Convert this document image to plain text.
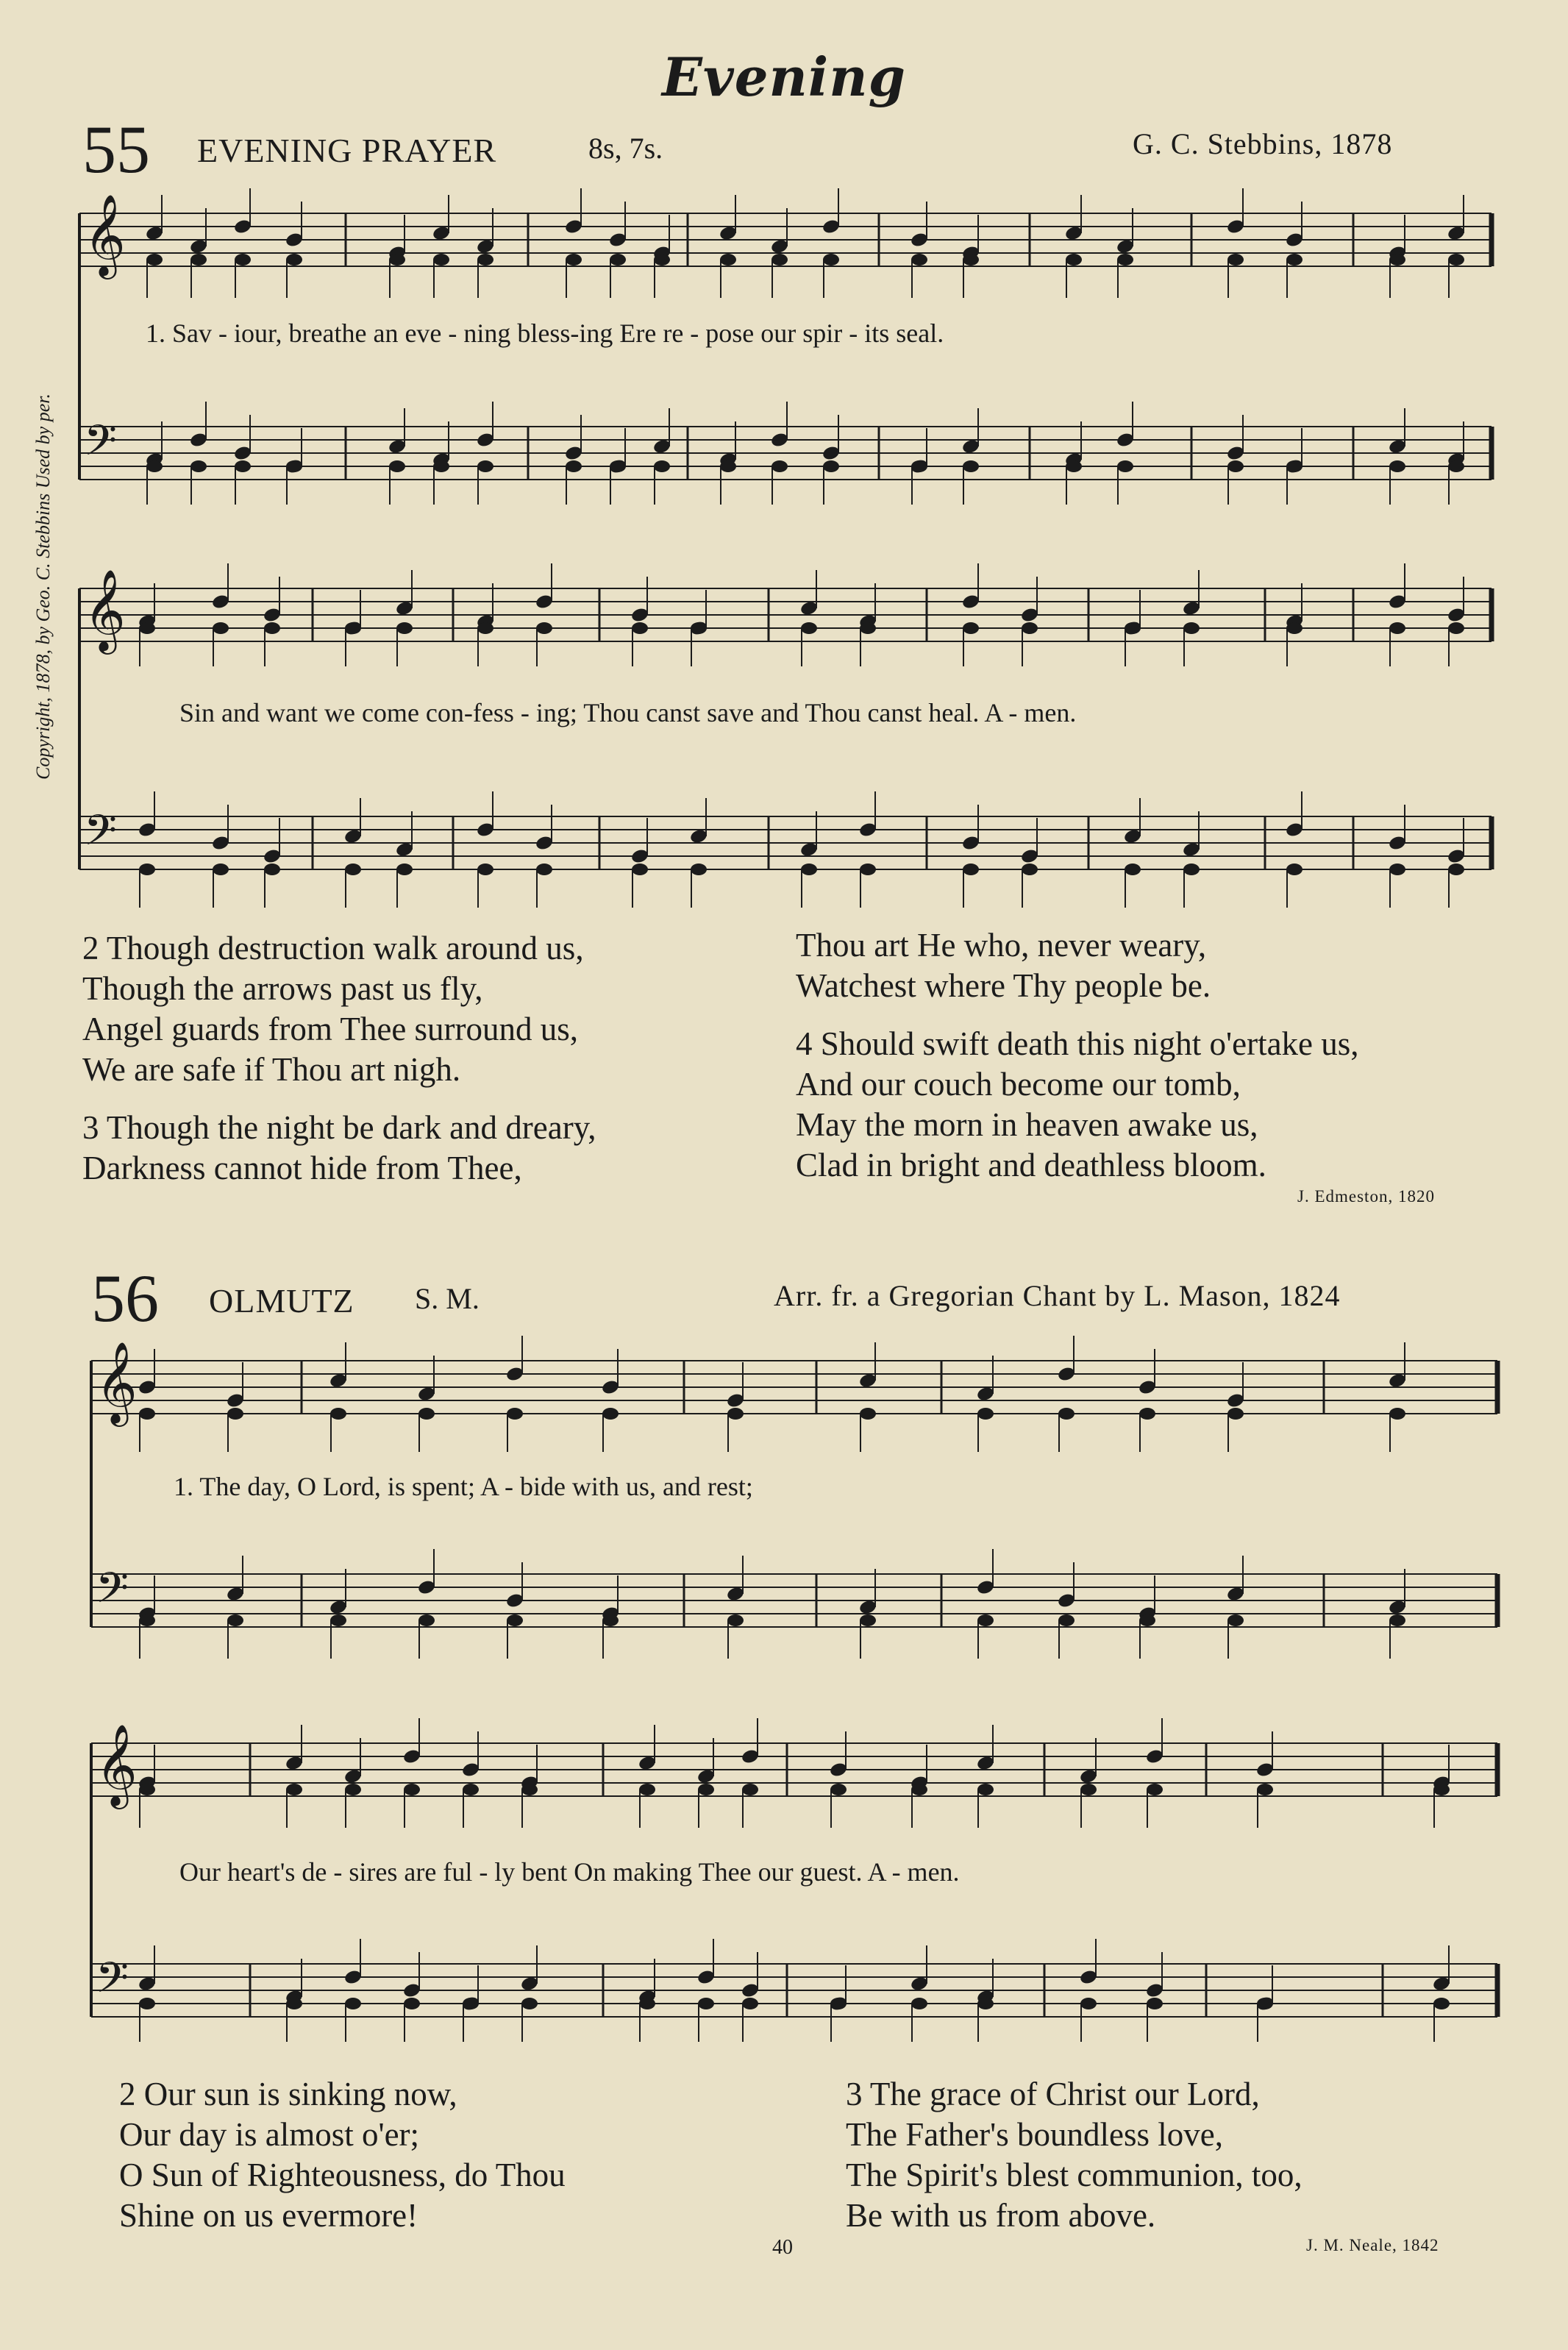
Evening
55 EVENING PRAYER	8s, 7s.	G. C. Stebbins, 1878
Copyright, 1878, by Geo. C. Stebbins Used by per.
1. Sav - iour, breathe an eve - ning bless-ing Ere re - pose our spir - its seal.
Sin and want we come con-fess - ing; Thou canst save and Thou canst heal. A - men.
2 Though destruction walk around us,
Though the arrows past us fly,
Angel guards from Thee surround us,
We are safe if Thou art nigh.
3 Though the night be dark and dreary,
Darkness cannot hide from Thee,
Thou art He who, never weary,
Watchest where Thy people be.
4 Should swift death this night o'ertake us,
And our couch become our tomb,
May the morn in heaven awake us,
Clad in bright and deathless bloom.
J. Edmeston, 1820
56 OLMUTZ S. M.	Arr. fr. a Gregorian Chant by L. Mason, 1824
1. The day, O Lord, is spent; A - bide with us, and rest;
Our heart's de - sires are ful - ly bent On making Thee our guest. A - men.
2 Our sun is sinking now,
Our day is almost o'er;
O Sun of Righteousness, do Thou
Shine on us evermore!
3 The grace of Christ our Lord,
The Father's boundless love,
The Spirit's blest communion, too,
Be with us from above.
J. M. Neale, 1842
40
𝄞
𝄢
𝄞
𝄢
𝄞
𝄢
𝄞
𝄢
